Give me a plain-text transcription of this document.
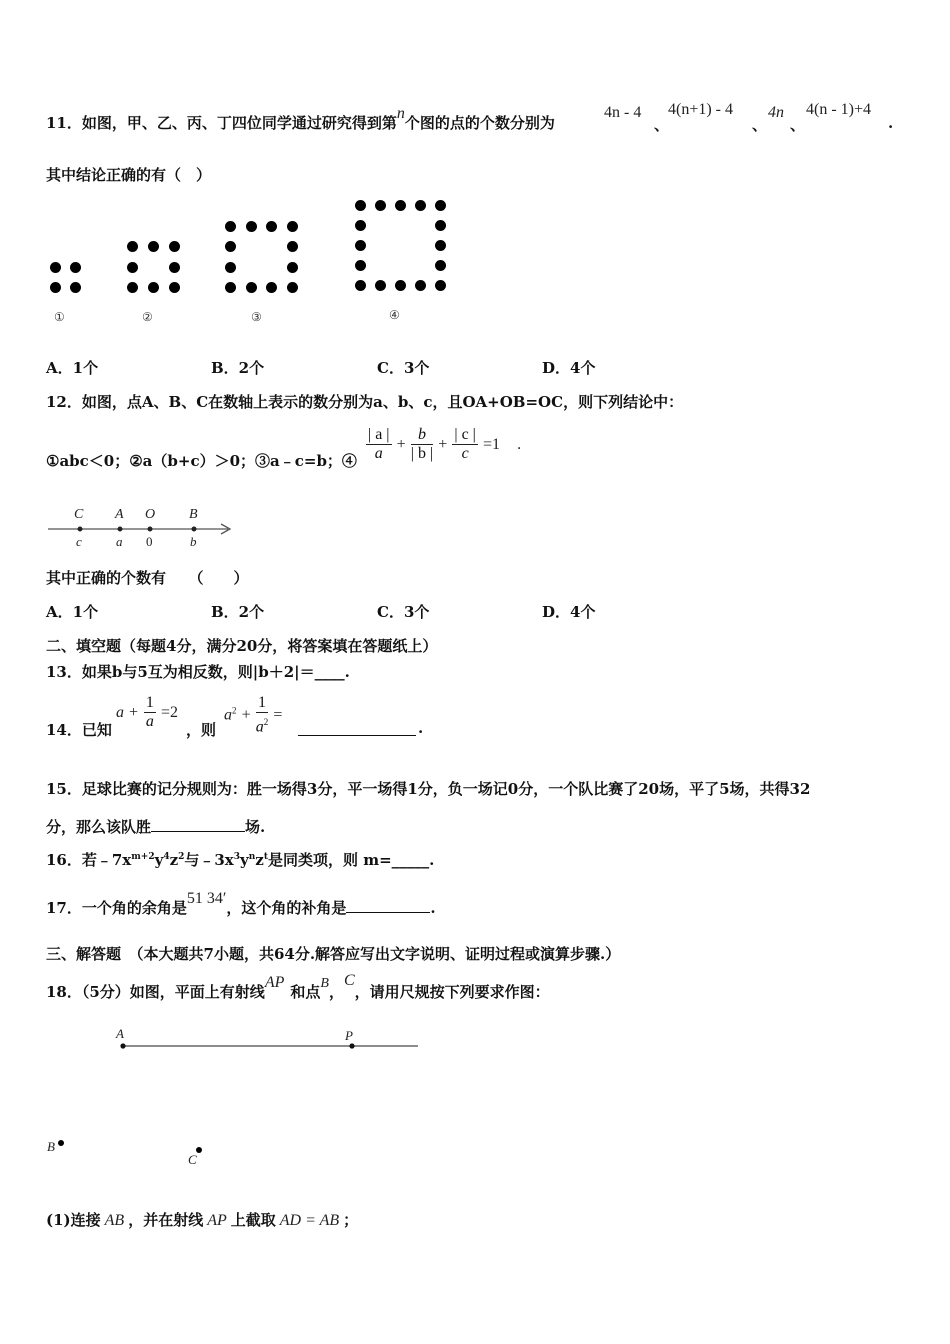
11．如图，甲、乙、丙、丁四位同学通过研究得到第n个图的点的个数分别为
4n - 4
、
4(n+1) - 4
、
4n
、
4(n - 1)+4
.
其中结论正确的有（　）
①	②	③	④
A．1个	B．2个	C．3个	D．4个
12．如图，点A、B、C在数轴上表示的数分别为a、b、c，且OA+OB=OC，则下列结论中：
①abc＜0；②a（b+c）＞0；③a﹣c=b；④ $\frac{| a |}{a} + \frac{b}{| b |} + \frac{| c |}{c} =1$ .
C A O B
c	a 0	b
其中正确的个数有　　（　　）
A．1个	B．2个	C．3个	D．4个
二、填空题（每题4分，满分20分，将答案填在答题纸上）
13．如果b与5互为相反数，则|b＋2|＝____.
14．已知
$a + \frac{1}{a} =2$
，则
$a^2 + \frac{1}{a^2}$ =
.
15．足球比赛的记分规则为：胜一场得3分，平一场得1分，负一场记0分，一个队比赛了20场，平了5场，共得32
分，那么该队胜	场.
16．若$﹣7x^{m+2}y^4z^2$与$﹣3x^3y^nz^t$是同类项，则 m=_____.
17．一个角的余角是51 34′，这个角的补角是	.
三、解答题　（本大题共7小题，共64分.解答应写出文字说明、证明过程或演算步骤.）
18．（5分）如图，平面上有射线AP和点B，C，请用尺规按下列要求作图：
A	P
B
C
(1)连接 AB ，并在射线 AP 上截取 AD = AB ；
